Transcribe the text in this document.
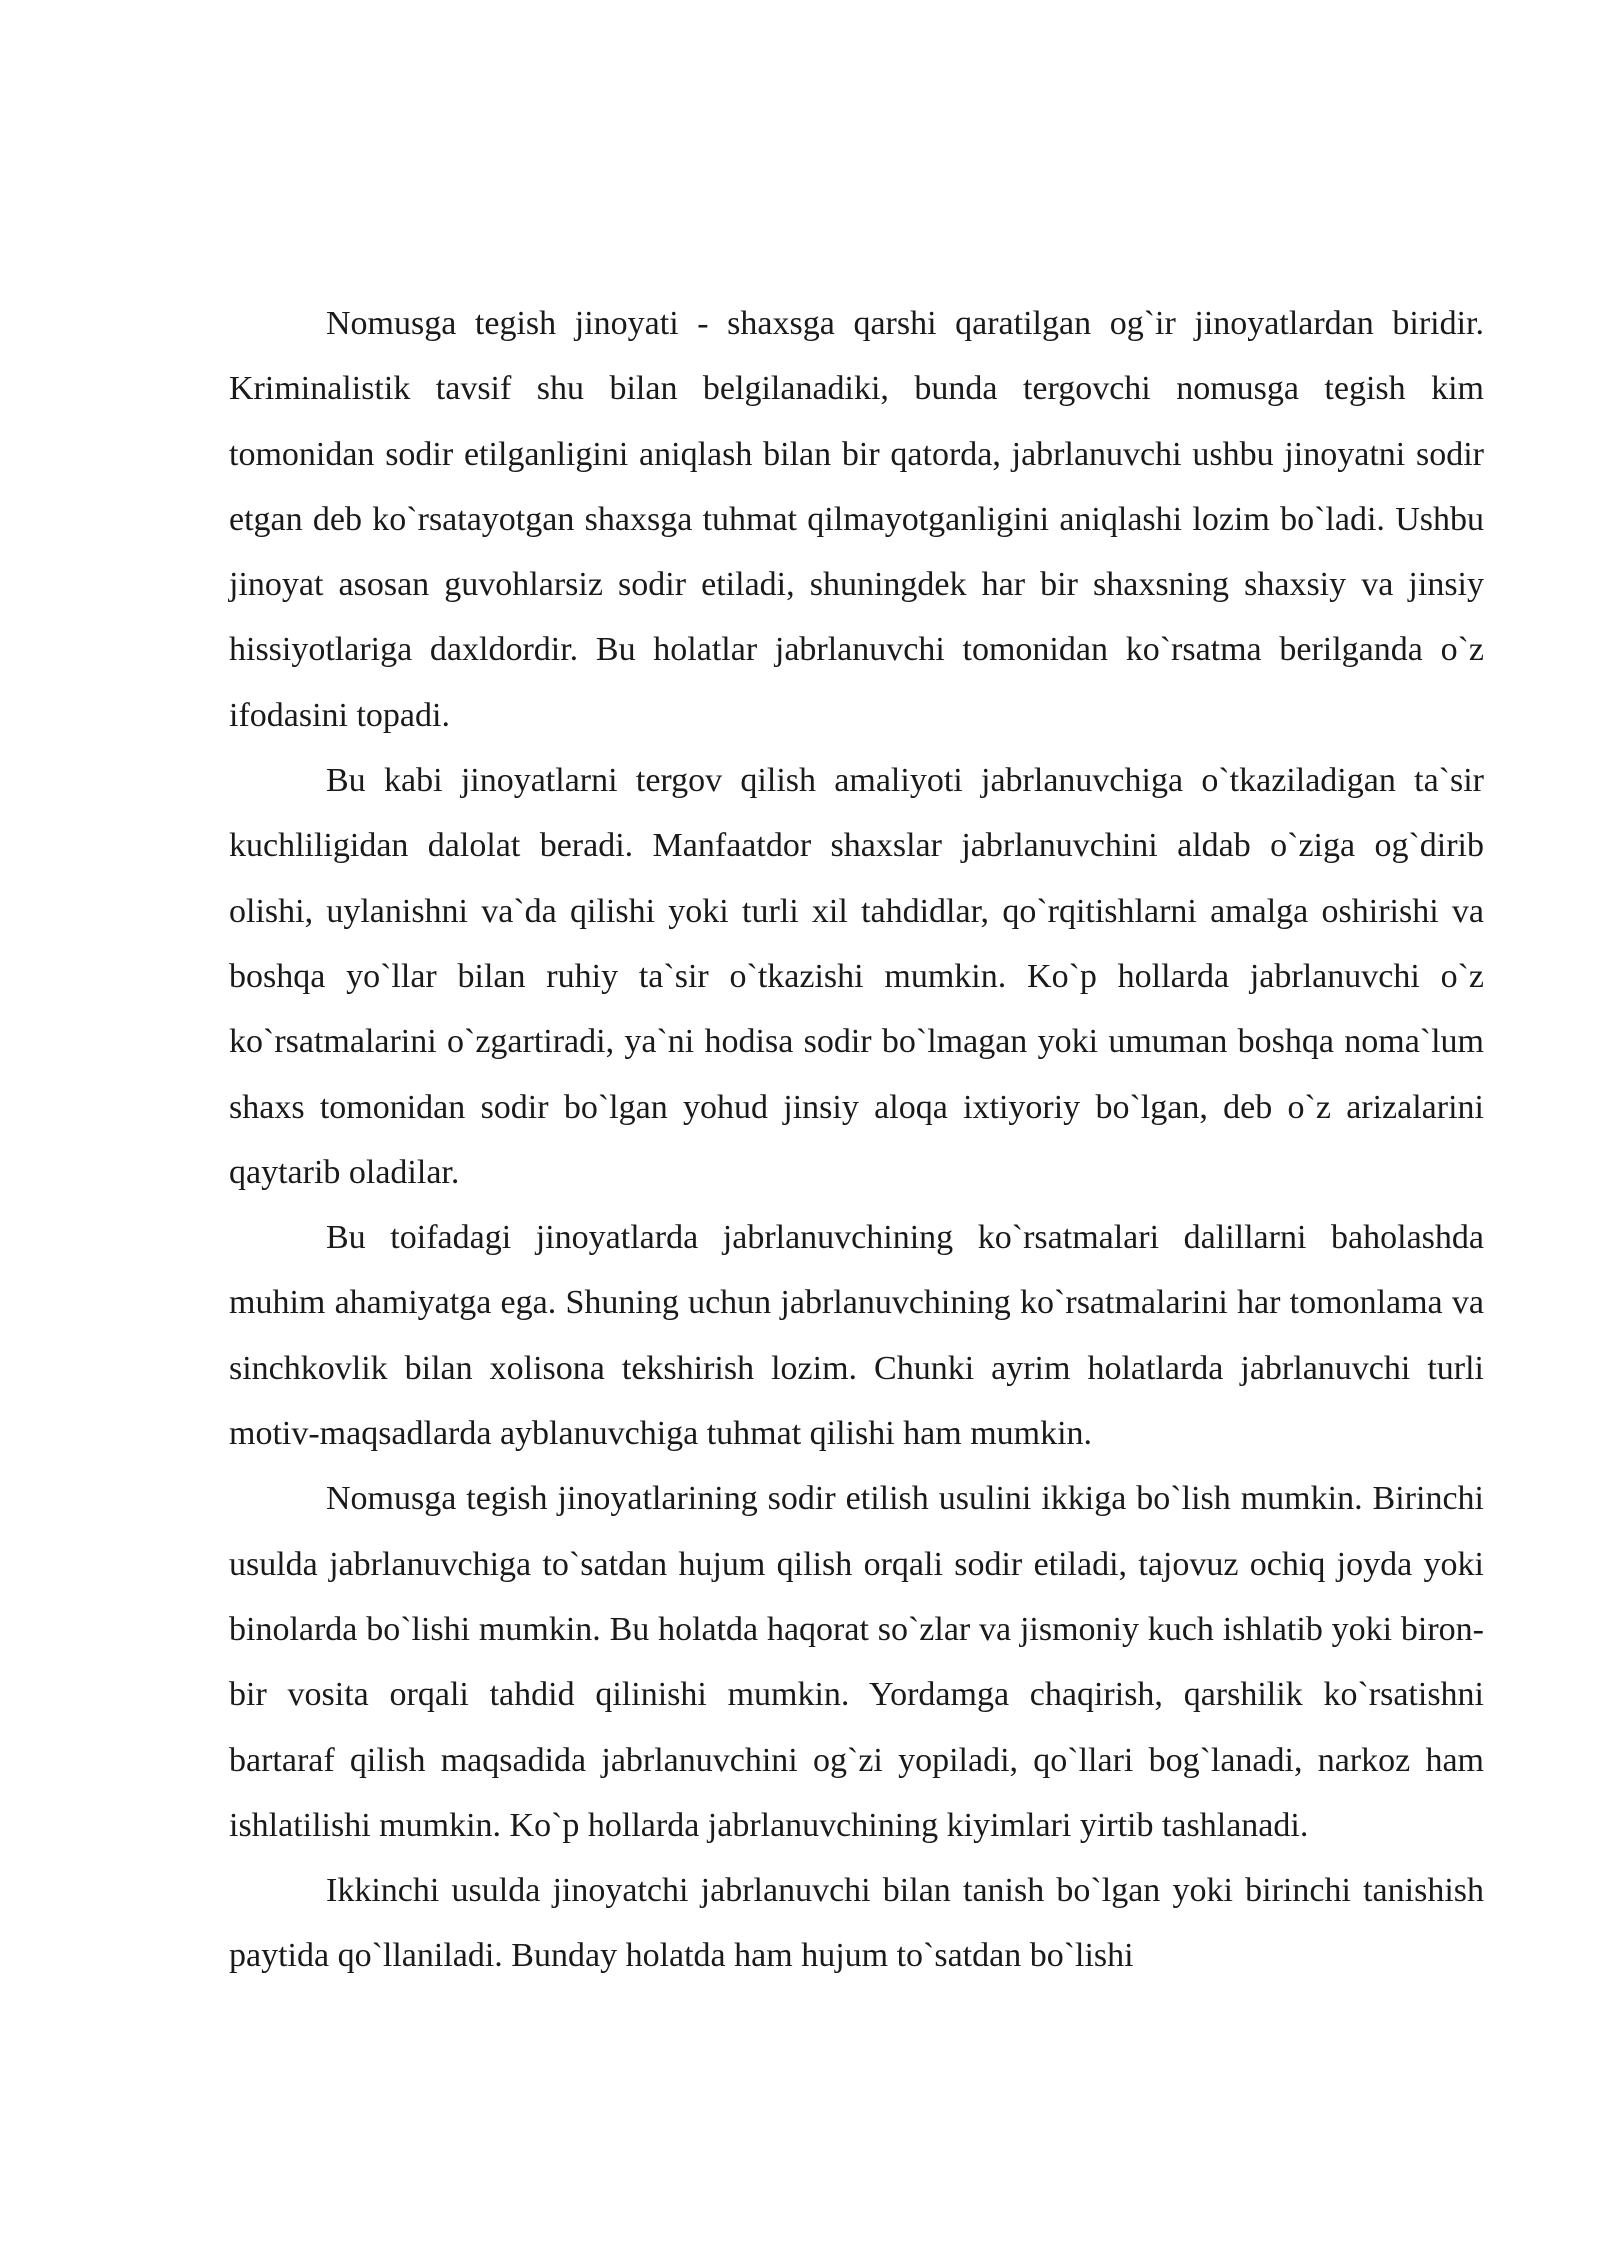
Nomusga tegish jinoyati - shaxsga qarshi qaratilgan og`ir jinoyatlardan biridir. Kriminalistik tavsif shu bilan belgilanadiki, bunda tergovchi nomusga tegish kim tomonidan sodir etilganligini aniqlash bilan bir qatorda, jabrlanuvchi ushbu jinoyatni sodir etgan deb ko`rsatayotgan shaxsga tuhmat qilmayotganligini aniqlashi lozim bo`ladi. Ushbu jinoyat asosan guvohlarsiz sodir etiladi, shuningdek har bir shaxsning shaxsiy va jinsiy hissiyotlariga daxldordir. Bu holatlar jabrlanuvchi tomonidan ko`rsatma berilganda o`z ifodasini topadi.

Bu kabi jinoyatlarni tergov qilish amaliyoti jabrlanuvchiga o`tkaziladigan ta`sir kuchliligidan dalolat beradi. Manfaatdor shaxslar jabrlanuvchini aldab o`ziga og`dirib olishi, uylanishni va`da qilishi yoki turli xil tahdidlar, qo`rqitishlarni amalga oshirishi va boshqa yo`llar bilan ruhiy ta`sir o`tkazishi mumkin. Ko`p hollarda jabrlanuvchi o`z ko`rsatmalarini o`zgartiradi, ya`ni hodisa sodir bo`lmagan yoki umuman boshqa noma`lum shaxs tomonidan sodir bo`lgan yohud jinsiy aloqa ixtiyoriy bo`lgan, deb o`z arizalarini qaytarib oladilar.

Bu toifadagi jinoyatlarda jabrlanuvchining ko`rsatmalari dalillarni baholashda muhim ahamiyatga ega. Shuning uchun jabrlanuvchining ko`rsatmalarini har tomonlama va sinchkovlik bilan xolisona tekshirish lozim. Chunki ayrim holatlarda jabrlanuvchi turli motiv-maqsadlarda ayblanuvchiga tuhmat qilishi ham mumkin.

Nomusga tegish jinoyatlarining sodir etilish usulini ikkiga bo`lish mumkin. Birinchi usulda jabrlanuvchiga to`satdan hujum qilish orqali sodir etiladi, tajovuz ochiq joyda yoki binolarda bo`lishi mumkin. Bu holatda haqorat so`zlar va jismoniy kuch ishlatib yoki biron-bir vosita orqali tahdid qilinishi mumkin. Yordamga chaqirish, qarshilik ko`rsatishni bartaraf qilish maqsadida jabrlanuvchini og`zi yopiladi, qo`llari bog`lanadi, narkoz ham ishlatilishi mumkin. Ko`p hollarda jabrlanuvchining kiyimlari yirtib tashlanadi.

Ikkinchi usulda jinoyatchi jabrlanuvchi bilan tanish bo`lgan yoki birinchi tanishish paytida qo`llaniladi. Bunday holatda ham hujum to`satdan bo`lishi
